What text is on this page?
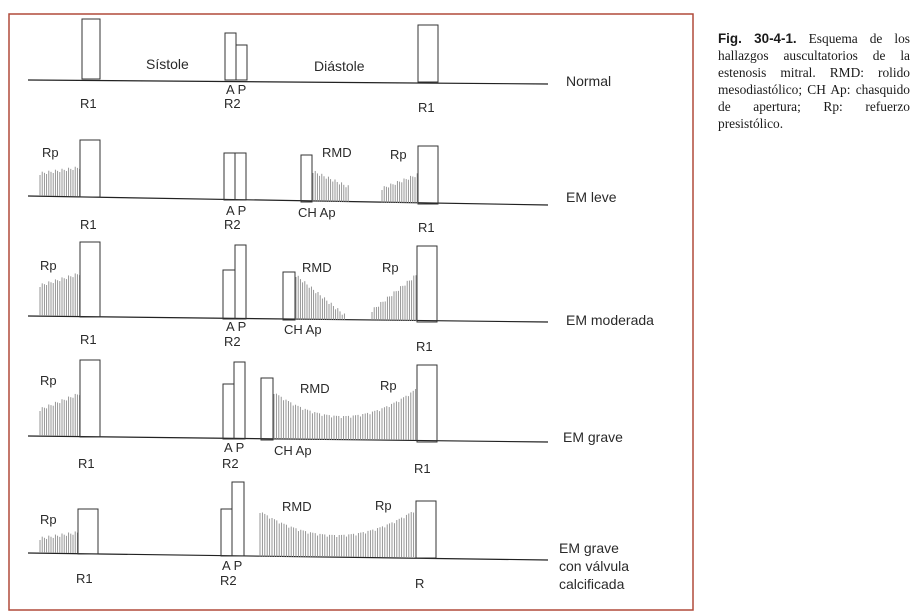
Sístole	Diástole
R1
A P
R2	R1
Normal
Rp	RMD	Rp
R1
A P
R2
CH Ap
R1
EM leve
Rp	RMD	Rp
R1
A P
R2
CH Ap
R1
EM moderada
Rp
RMD	Rp
R1
A P
R2
CH Ap
R1
EM grave
Rp
RMD	Rp
R1
A P
R2	R
EM grave
con válvula
calcificada

Fig. 30-4-1. Esquema de los hallazgos auscultatorios de la estenosis mitral. RMD: rolido mesodiastólico; CH Ap: chasquido de apertura; Rp: refuerzo presistólico.
